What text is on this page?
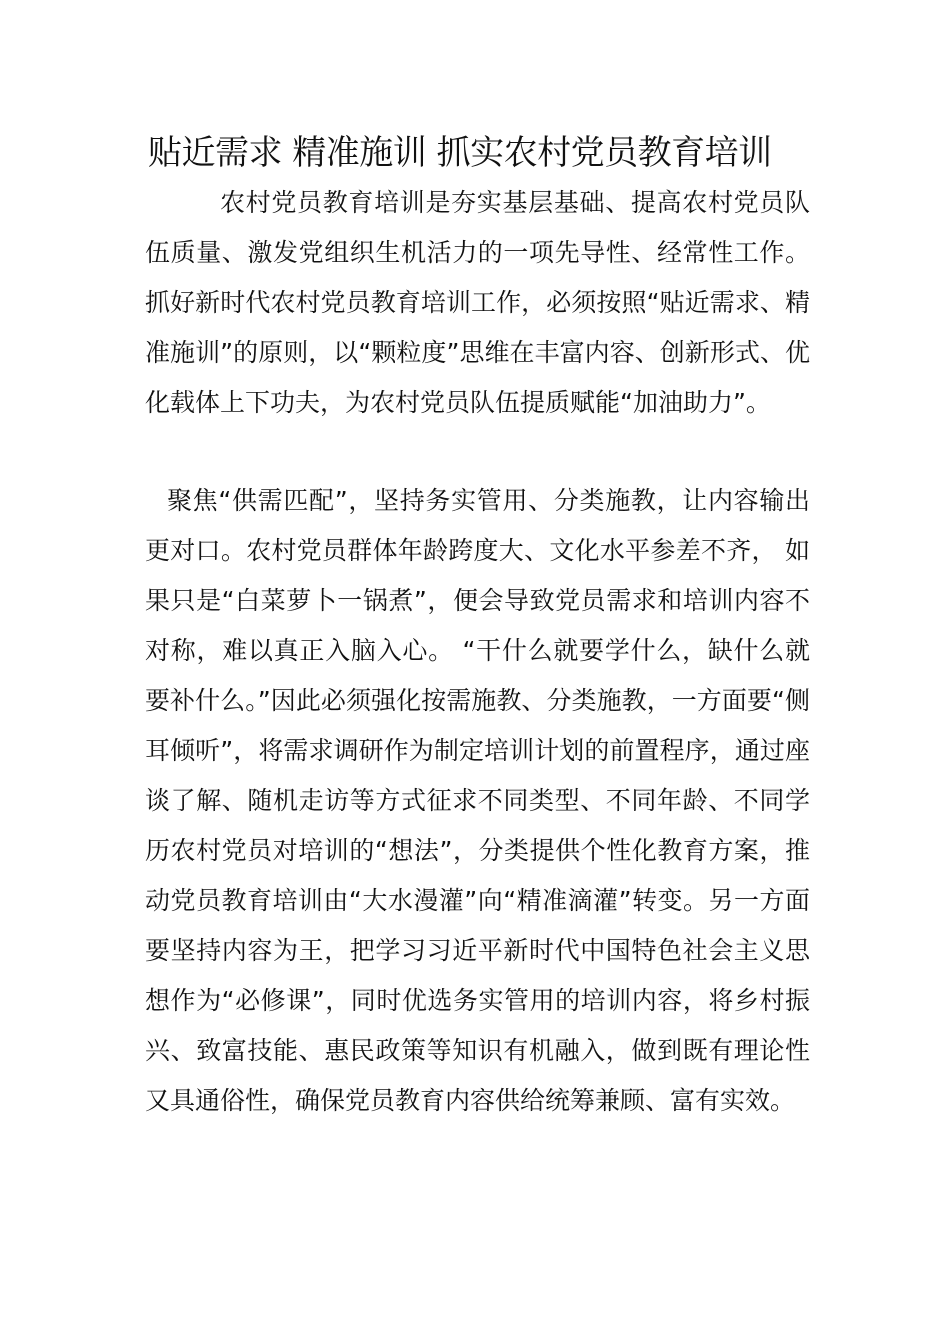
贴近需求 精准施训 抓实农村党员教育培训

农村党员教育培训是夯实基层基础、提高农村党员队伍质量、激发党组织生机活力的一项先导性、经常性工作。抓好新时代农村党员教育培训工作，必须按照“贴近需求、精准施训”的原则，以“颗粒度”思维在丰富内容、创新形式、优化载体上下功夫，为农村党员队伍提质赋能“加油助力”。

聚焦“供需匹配”，坚持务实管用、分类施教，让内容输出更对口。农村党员群体年龄跨度大、文化水平参差不齐， 如果只是“白菜萝卜一锅煮”，便会导致党员需求和培训内容不对称，难以真正入脑入心。 “干什么就要学什么，缺什么就要补什么。”因此必须强化按需施教、分类施教，一方面要“侧耳倾听”，将需求调研作为制定培训计划的前置程序，通过座谈了解、随机走访等方式征求不同类型、不同年龄、不同学历农村党员对培训的“想法”，分类提供个性化教育方案，推动党员教育培训由“大水漫灌”向“精准滴灌”转变。另一方面要坚持内容为王，把学习习近平新时代中国特色社会主义思想作为“必修课”，同时优选务实管用的培训内容，将乡村振兴、致富技能、惠民政策等知识有机融入，做到既有理论性又具通俗性，确保党员教育内容供给统筹兼顾、富有实效。
